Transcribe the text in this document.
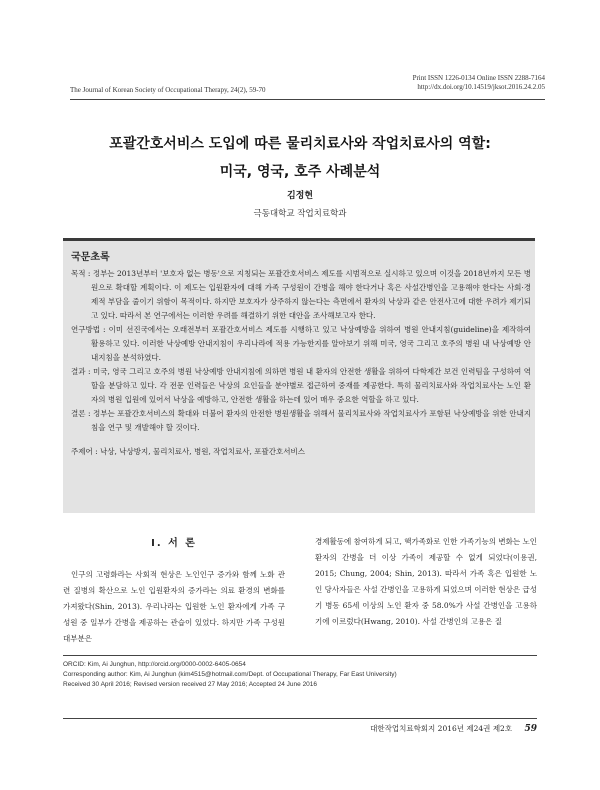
The Journal of Korean Society of Occupational Therapy, 24(2), 59-70
Print ISSN 1226-0134 Online ISSN 2288-7164
http://dx.doi.org/10.14519/jksot.2016.24.2.05
포괄간호서비스 도입에 따른 물리치료사와 작업치료사의 역할:
미국, 영국, 호주 사례분석
김정현
극동대학교 작업치료학과
국문초록

목적 : 정부는 2013년부터 '보호자 없는 병동'으로 지칭되는 포괄간호서비스 제도를 시범적으로 실시하고 있으며 이것을 2018년까지 모든 병원으로 확대할 계획이다. 이 제도는 입원환자에 대해 가족 구성원이 간병을 해야 한다거나 혹은 사설간병인을 고용해야 한다는 사회·경제적 부담을 줄이기 위함이 목적이다. 하지만 보호자가 상주하지 않는다는 측면에서 환자의 낙상과 같은 안전사고에 대한 우려가 제기되고 있다. 따라서 본 연구에서는 이러한 우려를 해결하기 위한 대안을 조사해보고자 한다.

연구방법 : 이미 선진국에서는 오래전부터 포괄간호서비스 제도를 시행하고 있고 낙상예방을 위하여 병원 안내지침(guideline)을 제작하여 활용하고 있다. 이러한 낙상예방 안내지침이 우리나라에 적용 가능한지를 알아보기 위해 미국, 영국 그리고 호주의 병원 내 낙상예방 안내지침을 분석하였다.

결과 : 미국, 영국 그리고 호주의 병원 낙상예방 안내지침에 의하면 병원 내 환자의 안전한 생활을 위하여 다학제간 보건 인력팀을 구성하여 역할을 분담하고 있다. 각 전문 인력들은 낙상의 요인들을 분야별로 접근하여 중재를 제공한다. 특히 물리치료사와 작업치료사는 노인 환자의 병원 입원에 있어서 낙상을 예방하고, 안전한 생활을 하는데 있어 매우 중요한 역할을 하고 있다.

결론 : 정부는 포괄간호서비스의 확대와 더불어 환자의 안전한 병원생활을 위해서 물리치료사와 작업치료사가 포함된 낙상예방을 위한 안내지침을 연구 및 개발해야 할 것이다.

주제어 : 낙상, 낙상방지, 물리치료사, 병원, 작업치료사, 포괄간호서비스

Ⅰ. 서 론

인구의 고령화라는 사회적 현상은 노인인구 증가와 함께 노화 관련 질병의 확산으로 노인 입원환자의 증가라는 의료 환경의 변화를 가져왔다(Shin, 2013). 우리나라는 입원한 노인 환자에게 가족 구성원 중 일부가 간병을 제공하는 관습이 있었다. 하지만 가족 구성원 대부분은

경제활동에 참여하게 되고, 핵가족화로 인한 가족기능의 변화는 노인 환자의 간병을 더 이상 가족이 제공할 수 없게 되었다(이용권, 2015; Chung, 2004; Shin, 2013). 따라서 가족 혹은 입원한 노인 당사자들은 사설 간병인을 고용하게 되었으며 이러한 현상은 급성기 병동 65세 이상의 노인 환자 중 58.0%가 사설 간병인을 고용하기에 이르렀다(Hwang, 2010). 사설 간병인의 고용은 질

ORCID: Kim, Ai Junghun, http://orcid.org/0000-0002-6405-0654
Corresponding author: Kim, Ai Junghun (kim4515@hotmail.com/Dept. of Occupational Therapy, Far East University)
Received 30 April 2016; Revised version received 27 May 2016; Accepted 24 June 2016
대한작업치료학회지 2016년 제24권 제2호 59
